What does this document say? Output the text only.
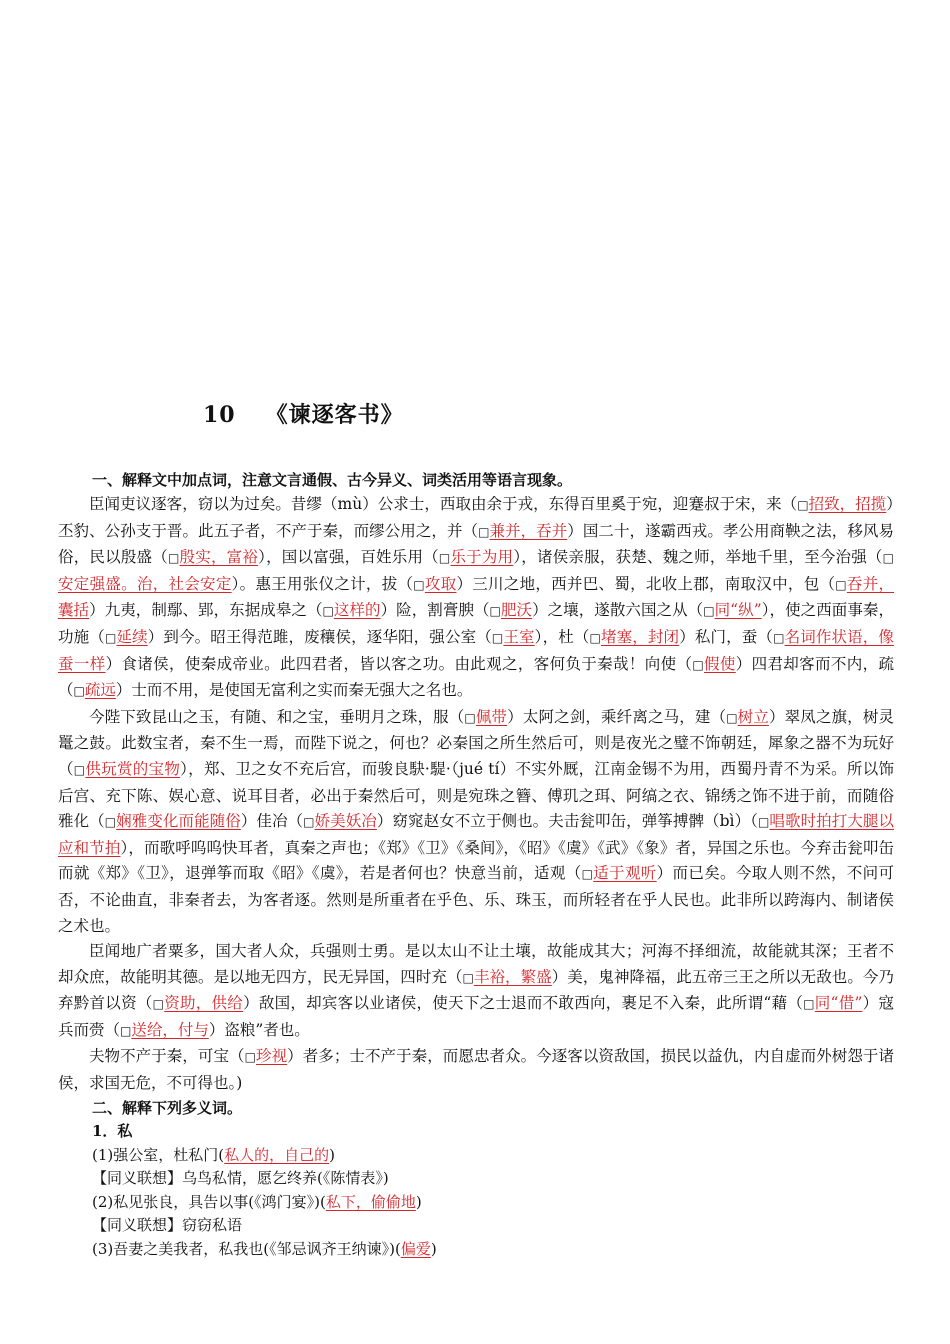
10 《谏逐客书》
一、解释文中加点词，注意文言通假、古今异义、词类活用等语言现象。
臣闻吏议逐客，窃以为过矣。昔缪（mù）公求士，西取由余于戎，东得百里奚于宛，迎蹇叔于宋，来（□招致，招揽）丕豹、公孙支于晋。此五子者，不产于秦，而缪公用之，并（□兼并，吞并）国二十，遂霸西戎。孝公用商鞅之法，移风易俗，民以殷盛（□殷实，富裕），国以富强，百姓乐用（□乐于为用），诸侯亲服，获楚、魏之师，举地千里，至今治强（□安定强盛。治，社会安定）。惠王用张仪之计，拔（□攻取）三川之地，西并巴、蜀，北收上郡，南取汉中，包（□吞并，囊括）九夷，制鄢、郢，东据成皋之（□这样的）险，割膏腴（□肥沃）之壤，遂散六国之从（□同“纵”），使之西面事秦，功施（□延续）到今。昭王得范雎，废穰侯，逐华阳，强公室（□王室），杜（□堵塞，封闭）私门，蚕（□名词作状语，像蚕一样）食诸侯，使秦成帝业。此四君者，皆以客之功。由此观之，客何负于秦哉！向使（□假使）四君却客而不内，疏（□疏远）士而不用，是使国无富利之实而秦无强大之名也。
今陛下致昆山之玉，有随、和之宝，垂明月之珠，服（□佩带）太阿之剑，乘纤离之马，建（□树立）翠凤之旗，树灵鼍之鼓。此数宝者，秦不生一焉，而陛下说之，何也？必秦国之所生然后可，则是夜光之璧不饰朝廷，犀象之器不为玩好（□供玩赏的宝物），郑、卫之女不充后宫，而骏良駃·騠·（jué tí）不实外厩，江南金锡不为用，西蜀丹青不为采。所以饰后宫、充下陈、娱心意、说耳目者，必出于秦然后可，则是宛珠之簪、傅玑之珥、阿缟之衣、锦绣之饰不进于前，而随俗雅化（□娴雅变化而能随俗）佳冶（□娇美妖冶）窈窕赵女不立于侧也。夫击瓮叩缶，弹筝搏髀（bì）（□唱歌时拍打大腿以应和节拍），而歌呼呜呜快耳者，真秦之声也；《郑》《卫》《桑间》，《昭》《虞》《武》《象》者，异国之乐也。今弃击瓮叩缶而就《郑》《卫》，退弹筝而取《昭》《虞》，若是者何也？快意当前，适观（□适于观听）而已矣。今取人则不然，不问可否，不论曲直，非秦者去，为客者逐。然则是所重者在乎色、乐、珠玉，而所轻者在乎人民也。此非所以跨海内、制诸侯之术也。
臣闻地广者粟多，国大者人众，兵强则士勇。是以太山不让土壤，故能成其大；河海不择细流，故能就其深；王者不却众庶，故能明其德。是以地无四方，民无异国，四时充（□丰裕，繁盛）美，鬼神降福，此五帝三王之所以无敌也。今乃弃黔首以资（□资助，供给）敌国，却宾客以业诸侯，使天下之士退而不敢西向，裹足不入秦，此所谓“藉（□同“借”）寇兵而赍（□送给，付与）盗粮”者也。
夫物不产于秦，可宝（□珍视）者多；士不产于秦，而愿忠者众。今逐客以资敌国，损民以益仇，内自虚而外树怨于诸侯，求国无危，不可得也。)
二、解释下列多义词。
1．私
(1)强公室，杜私门(私人的，自己的)
【同义联想】乌鸟私情，愿乞终养(《陈情表》)
(2)私见张良，具告以事(《鸿门宴》)(私下，偷偷地)
【同义联想】窃窃私语
(3)吾妻之美我者，私我也(《邹忌讽齐王纳谏》)(偏爱)
